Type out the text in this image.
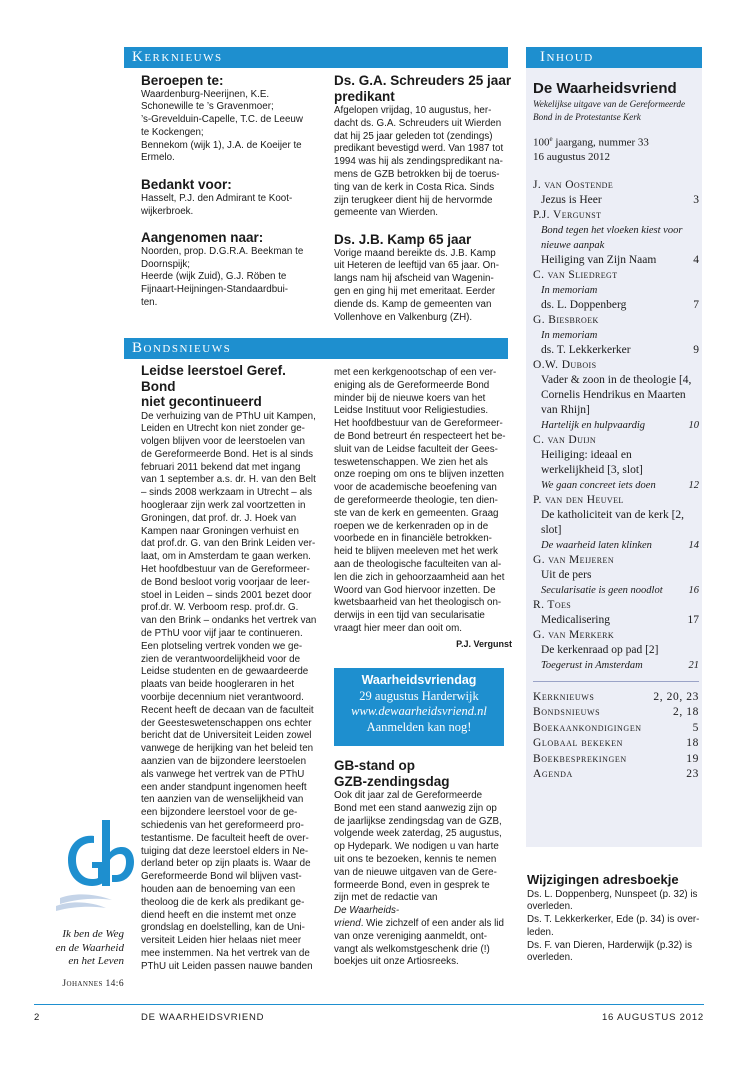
Kerknieuws

Beroepen te:

Waardenburg-Neerijnen, K.E.
Schonewille te ’s Gravenmoer;
’s-Grevelduin-Capelle, T.C. de Leeuw
te Kockengen;
Bennekom (wijk 1), J.A. de Koeijer te
Ermelo.

Bedankt voor:

Hasselt, P.J. den Admirant te Koot-
wijkerbroek.

Aangenomen naar:

Noorden, prop. D.G.R.A. Beekman te
Doornspijk;
Heerde (wijk Zuid), G.J. Röben te
Fijnaart-Heijningen-Standaardbui-
ten.

Ds. G.A. Schreuders 25 jaar

predikant

Afgelopen vrijdag, 10 augustus, her-
dacht ds. G.A. Schreuders uit Wierden
dat hij 25 jaar geleden tot (zendings)
predikant bevestigd werd. Van 1987 tot
1994 was hij als zendingspredikant na-
mens de GZB betrokken bij de toerus-
ting van de kerk in Costa Rica. Sinds
zijn terugkeer dient hij de hervormde
gemeente van Wierden.

Ds. J.B. Kamp 65 jaar

Vorige maand bereikte ds. J.B. Kamp
uit Heteren de leeftijd van 65 jaar. On-
langs nam hij afscheid van Wagenin-
gen en ging hij met emeritaat. Eerder
diende ds. Kamp de gemeenten van
Vollenhove en Valkenburg (ZH).
Bondsnieuws

Leidse leerstoel Geref. Bond

niet gecontinueerd

De verhuizing van de PThU uit Kampen,
Leiden en Utrecht kon niet zonder ge-
volgen blijven voor de leerstoelen van
de Gereformeerde Bond. Het is al sinds
februari 2011 bekend dat met ingang
van 1 september a.s. dr. H. van den Belt
– sinds 2008 werkzaam in Utrecht – als
hoogleraar zijn werk zal voortzetten in
Groningen, dat prof. dr. J. Hoek van
Kampen naar Groningen verhuist en
dat prof.dr. G. van den Brink Leiden ver-
laat, om in Amsterdam te gaan werken.
Het hoofdbestuur van de Gereformeer-
de Bond besloot vorig voorjaar de leer-
stoel in Leiden – sinds 2001 bezet door
prof.dr. W. Verboom resp. prof.dr. G.
van den Brink – ondanks het vertrek van
de PThU voor vijf jaar te continueren.
Een plotseling vertrek vonden we ge-
zien de verantwoordelijkheid voor de
Leidse studenten en de gewaardeerde
plaats van beide hoogleraren in het
voorbije decennium niet verantwoord.
Recent heeft de decaan van de faculteit
der Geesteswetenschappen ons echter
bericht dat de Universiteit Leiden zowel
vanwege de herijking van het beleid ten
aanzien van de bijzondere leerstoelen
als vanwege het vertrek van de PThU
een ander standpunt ingenomen heeft
ten aanzien van de wenselijkheid van
een bijzondere leerstoel voor de ge-
schiedenis van het gereformeerd pro-
testantisme. De faculteit heeft de over-
tuiging dat deze leerstoel elders in Ne-
derland beter op zijn plaats is. Waar de
Gereformeerde Bond wil blijven vast-
houden aan de benoeming van een
theoloog die de kerk als predikant ge-
diend heeft en die instemt met onze
grondslag en doelstelling, kan de Uni-
versiteit Leiden hier helaas niet meer
mee instemmen. Na het vertrek van de
PThU uit Leiden passen nauwe banden
met een kerkgenootschap of een ver-
eniging als de Gereformeerde Bond
minder bij de nieuwe koers van het
Leidse Instituut voor Religiestudies.
Het hoofdbestuur van de Gereformeer-
de Bond betreurt én respecteert het be-
sluit van de Leidse faculteit der Gees-
teswetenschappen. We zien het als
onze roeping om ons te blijven inzetten
voor de academische beoefening van
de gereformeerde theologie, ten dien-
ste van de kerk en gemeenten. Graag
roepen we de kerkenraden op in de
voorbede en in financiële betrokken-
heid te blijven meeleven met het werk
aan de theologische faculteiten van al-
len die zich in gehoorzaamheid aan het
Woord van God hiervoor inzetten. De
kwetsbaarheid van het theologisch on-
derwijs in een tijd van secularisatie
vraagt hier meer dan ooit om.
P.J. Vergunst
Waarheidsvriendag
29 augustus Harderwijk
www.dewaarheidsvriend.nl
Aanmelden kan nog!

GB-stand op

GZB-zendingsdag

Ook dit jaar zal de Gereformeerde
Bond met een stand aanwezig zijn op
de jaarlijkse zendingsdag van de GZB,
volgende week zaterdag, 25 augustus,
op Hydepark. We nodigen u van harte
uit ons te bezoeken, kennis te nemen
van de nieuwe uitgaven van de Gere-
formeerde Bond, even in gesprek te
zijn met de redactie van
De Waarheids-
vriend. Wie zichzelf of een ander als lid
van onze vereniging aanmeldt, ont-
vangt als welkomstgeschenk drie (!)
boekjes uit onze Artiosreeks.
Ik ben de Weg
en de Waarheid
en het Leven
Johannes 14:6
Inhoud
De Waarheidsvriend
Wekelijkse uitgave van de Gereformeerde Bond in de Protestantse Kerk
100e jaargang, nummer 33
16 augustus 2012
J. van Oostende
Jezus is Heer	3
P.J. Vergunst
Bond tegen het vloeken kiest voor nieuwe aanpak
Heiliging van Zijn Naam	4
C. van Sliedregt
In memoriam
ds. L. Doppenberg	7
G. Biesbroek
In memoriam
ds. T. Lekkerkerker	9
O.W. Dubois
Vader & zoon in de theologie [4, Cornelis Hendrikus en Maarten van Rhijn]
Hartelijk en hulpvaardig	10
C. van Duijn
Heiliging: ideaal en werkelijkheid [3, slot]
We gaan concreet iets doen	12
P. van den Heuvel
De katholiciteit van de kerk [2, slot]
De waarheid laten klinken	14
G. van Meijeren
Uit de pers
Secularisatie is geen noodlot	16
R. Toes
Medicalisering	17
G. van Merkerk
De kerkenraad op pad [2]
Toegerust in Amsterdam	21
Kerknieuws	2, 20, 23
Bondsnieuws	2, 18
Boekaankondigingen	5
Globaal bekeken	18
Boekbesprekingen	19
Agenda	23

Wijzigingen adresboekje

Ds. L. Doppenberg, Nunspeet (p. 32) is
overleden.
Ds. T. Lekkerkerker, Ede (p. 34) is over-
leden.
Ds. F. van Dieren, Harderwijk (p.32) is
overleden.
2	DE WAARHEIDSVRIEND	16 AUGUSTUS 2012
